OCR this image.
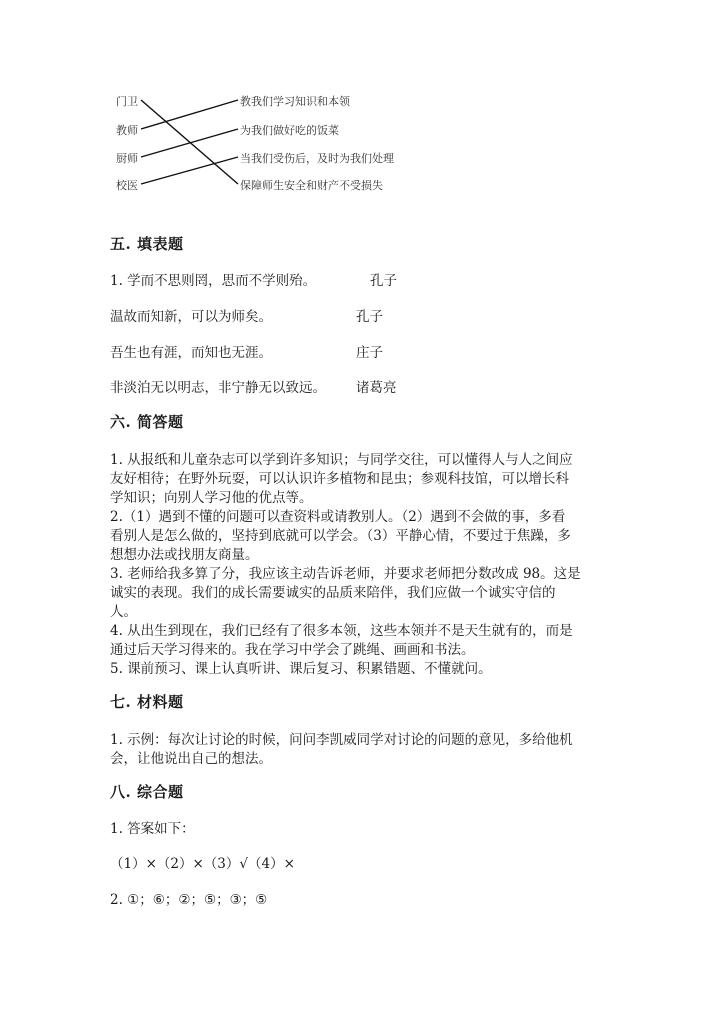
门卫
教师
厨师
校医
教我们学习知识和本领
为我们做好吃的饭菜
当我们受伤后，及时为我们处理
保障师生安全和财产不受损失
五. 填表题
1. 学而不思则罔，思而不学则殆。	孔子
温故而知新，可以为师矣。	孔子
吾生也有涯，而知也无涯。	庄子
非淡泊无以明志，非宁静无以致远。 诸葛亮
六. 简答题
1. 从报纸和儿童杂志可以学到许多知识；与同学交往，可以懂得人与人之间应
友好相待；在野外玩耍，可以认识许多植物和昆虫；参观科技馆，可以增长科
学知识；向别人学习他的优点等。
2.（1）遇到不懂的问题可以查资料或请教别人。（2）遇到不会做的事，多看
看别人是怎么做的，坚持到底就可以学会。（3）平静心情，不要过于焦躁，多
想想办法或找朋友商量。
3. 老师给我多算了分，我应该主动告诉老师，并要求老师把分数改成 98。这是
诚实的表现。我们的成长需要诚实的品质来陪伴，我们应做一个诚实守信的
人。
4. 从出生到现在，我们已经有了很多本领，这些本领并不是天生就有的，而是
通过后天学习得来的。我在学习中学会了跳绳、画画和书法。
5. 课前预习、课上认真听讲、课后复习、积累错题、不懂就问。
七. 材料题
1. 示例：每次让讨论的时候，问问李凯威同学对讨论的问题的意见，多给他机
会，让他说出自己的想法。
八. 综合题
1. 答案如下：
（1）×（2）×（3）√（4）×
2. ①；⑥；②；⑤；③；⑤
